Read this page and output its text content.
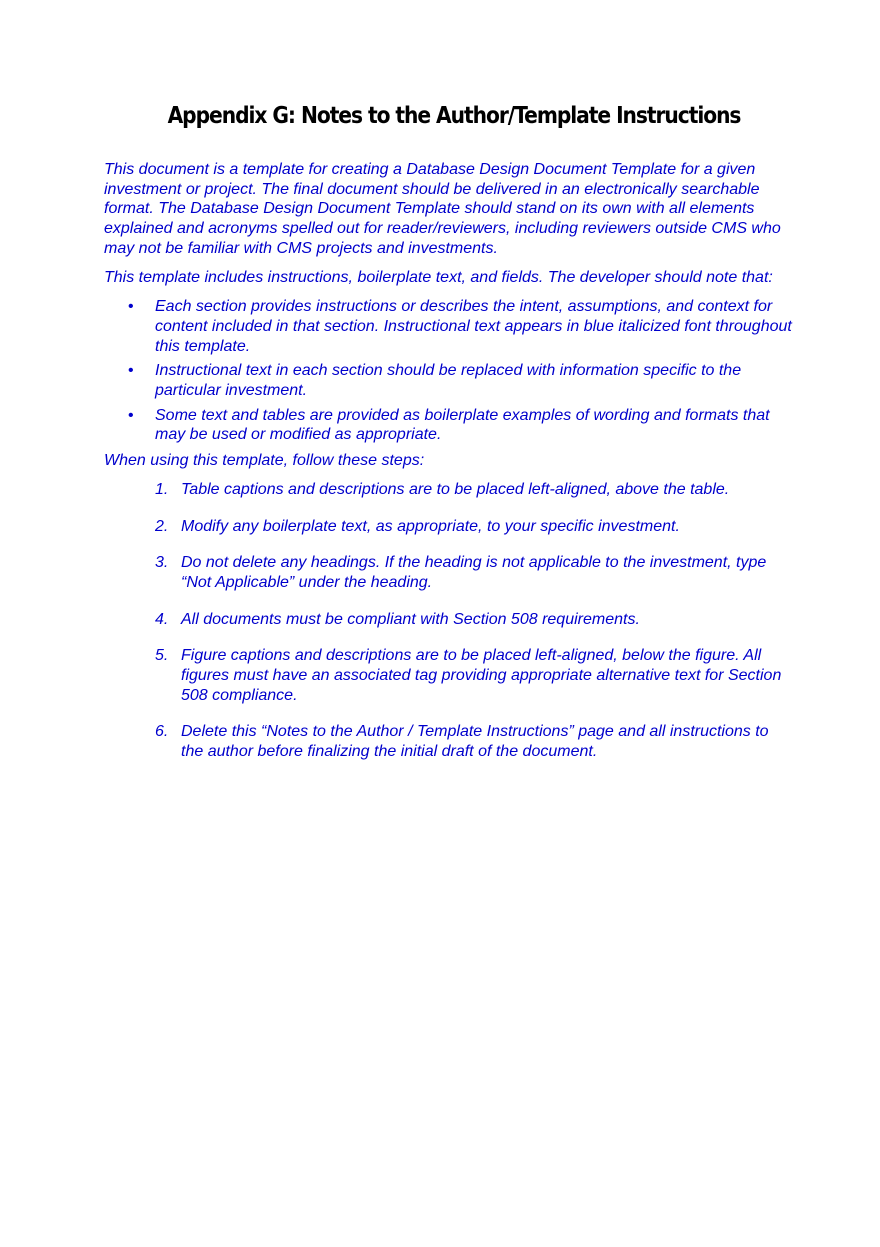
Appendix G: Notes to the Author/Template Instructions

This document is a template for creating a Database Design Document Template for a given investment or project. The final document should be delivered in an electronically searchable format. The Database Design Document Template should stand on its own with all elements explained and acronyms spelled out for reader/reviewers, including reviewers outside CMS who may not be familiar with CMS projects and investments.

This template includes instructions, boilerplate text, and fields. The developer should note that:

• Each section provides instructions or describes the intent, assumptions, and context for content included in that section. Instructional text appears in blue italicized font throughout this template.
• Instructional text in each section should be replaced with information specific to the particular investment.
• Some text and tables are provided as boilerplate examples of wording and formats that may be used or modified as appropriate.

When using this template, follow these steps:

1. Table captions and descriptions are to be placed left-aligned, above the table.
2. Modify any boilerplate text, as appropriate, to your specific investment.
3. Do not delete any headings. If the heading is not applicable to the investment, type “Not Applicable” under the heading.
4. All documents must be compliant with Section 508 requirements.
5. Figure captions and descriptions are to be placed left-aligned, below the figure. All figures must have an associated tag providing appropriate alternative text for Section 508 compliance.
6. Delete this “Notes to the Author / Template Instructions” page and all instructions to the author before finalizing the initial draft of the document.
